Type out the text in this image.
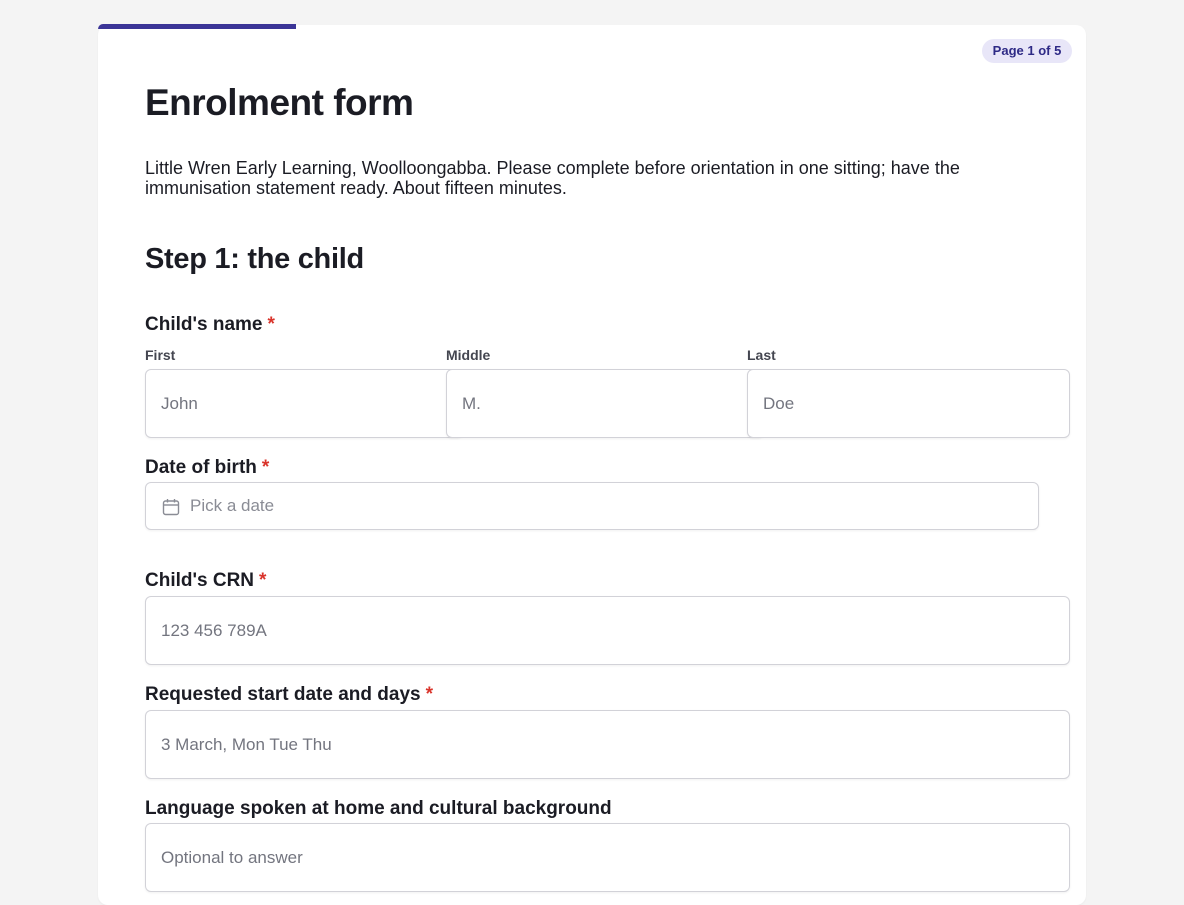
Page 1 of 5
Enrolment form

Little Wren Early Learning, Woolloongabba. Please complete before orientation in one sitting; have the immunisation statement ready. About fifteen minutes.

Step 1: the child
Child's name *
First	Middle	Last
John
M.
Doe
Date of birth *
Pick a date
Child's CRN *
123 456 789A
Requested start date and days *
3 March, Mon Tue Thu
Language spoken at home and cultural background
Optional to answer
